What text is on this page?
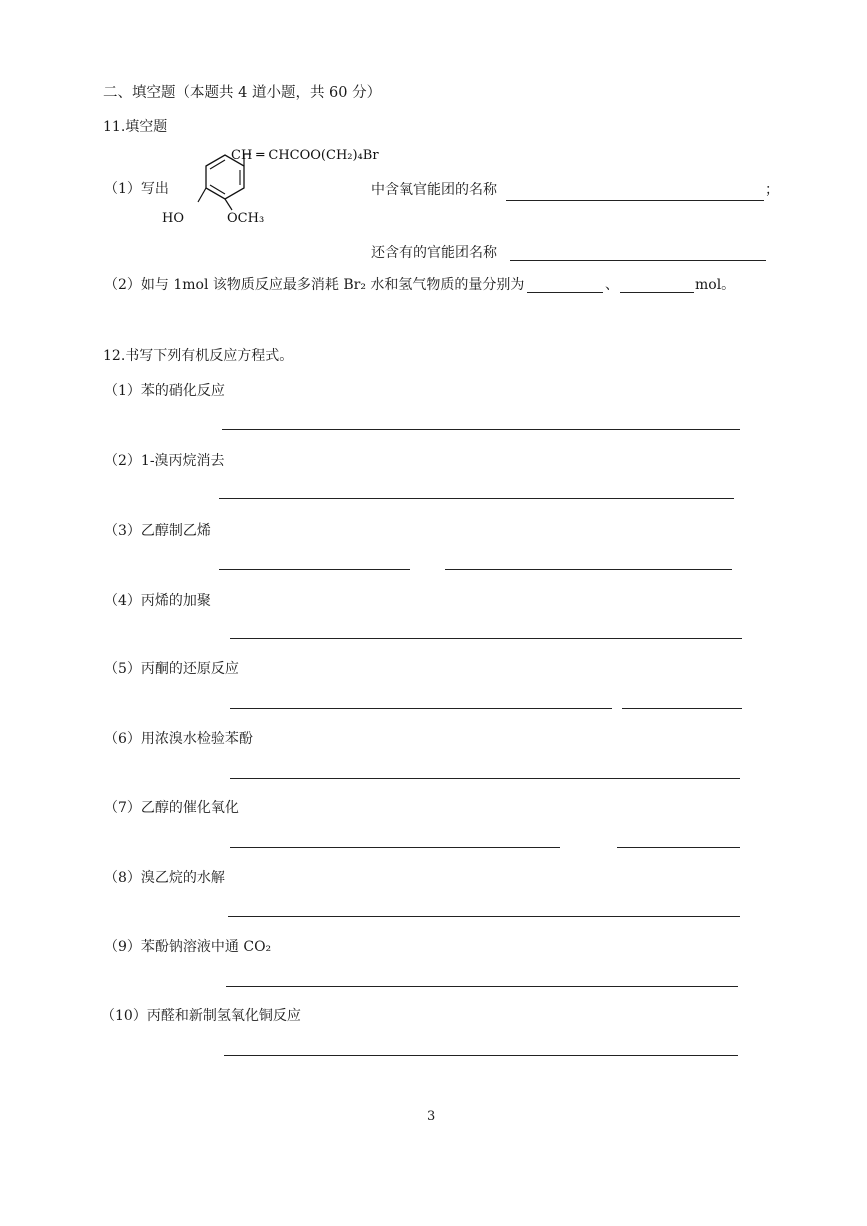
二、填空题（本题共 4 道小题，共 60 分）
11.填空题
（1）写出
CH ═ CHCOO(CH₂)₄Br
HO	OCH₃
中含氧官能团的名称	；
还含有的官能团名称
（2）如与 1mol 该物质反应最多消耗 Br₂ 水和氢气物质的量分别为	、	mol。
12.书写下列有机反应方程式。
（1）苯的硝化反应
（2）1-溴丙烷消去
（3）乙醇制乙烯
（4）丙烯的加聚
（5）丙酮的还原反应
（6）用浓溴水检验苯酚
（7）乙醇的催化氧化
（8）溴乙烷的水解
（9）苯酚钠溶液中通 CO₂
（10）丙醛和新制氢氧化铜反应
3
